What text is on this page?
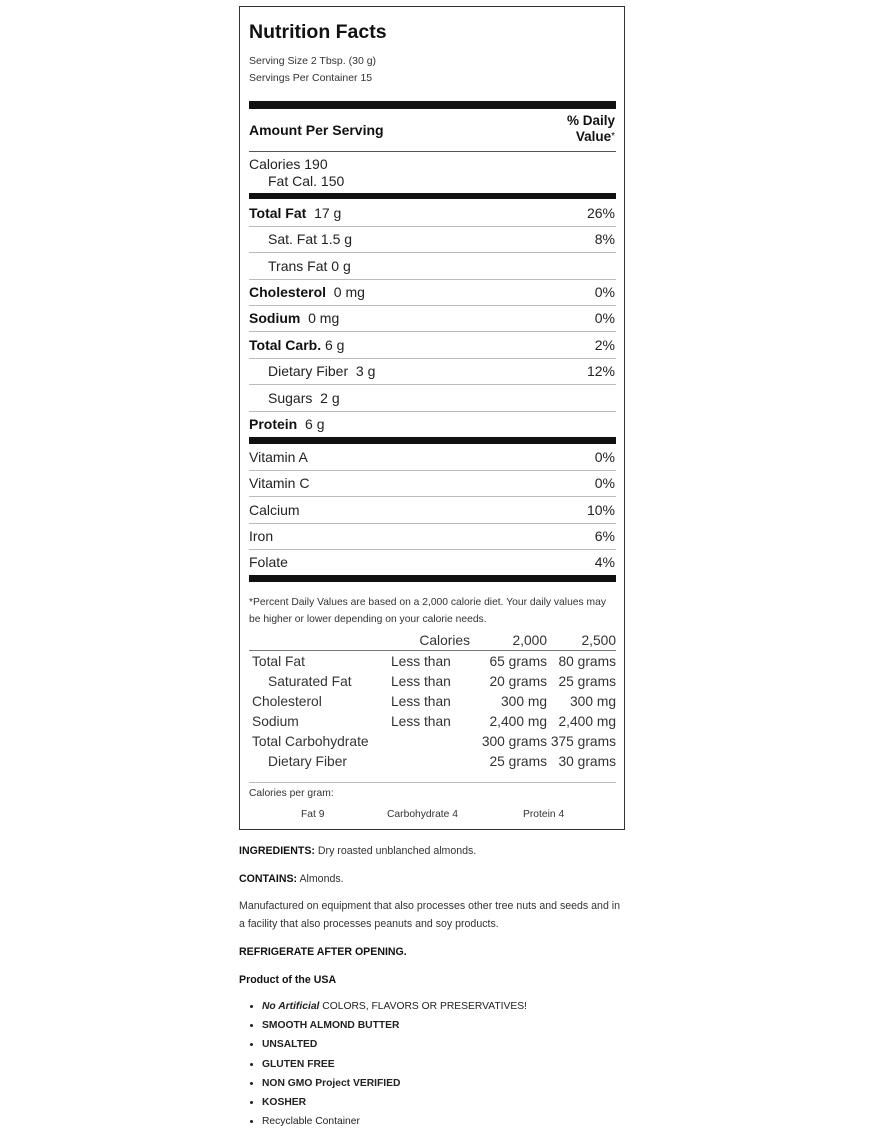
Nutrition Facts
Serving Size 2 Tbsp. (30 g)
Servings Per Container 15
Amount Per Serving
% Daily
Value*
Calories 190
Fat Cal. 150
Total Fat 17 g	26%
Sat. Fat 1.5 g	8%
Trans Fat 0 g
Cholesterol 0 mg	0%
Sodium 0 mg	0%
Total Carb. 6 g	2%
Dietary Fiber  3 g	12%
Sugars  2 g
Protein 6 g
Vitamin A	0%
Vitamin C	0%
Calcium	10%
Iron	6%
Folate	4%
*Percent Daily Values are based on a 2,000 calorie diet. Your daily values may be higher or lower depending on your calorie needs.
	Calories	2,000	2,500
Total Fat	Less than	65 grams	80 grams
Saturated Fat	Less than	20 grams	25 grams
Cholesterol	Less than	300 mg	300 mg
Sodium	Less than	2,400 mg	2,400 mg
Total Carbohydrate		300 grams	375 grams
Dietary Fiber		25 grams	30 grams
Calories per gram:
Fat 9	Carbohydrate 4	Protein 4
INGREDIENTS: Dry roasted unblanched almonds.
CONTAINS: Almonds.
Manufactured on equipment that also processes other tree nuts and seeds and in a facility that also processes peanuts and soy products.
REFRIGERATE AFTER OPENING.
Product of the USA
• No Artificial COLORS, FLAVORS OR PRESERVATIVES!
• SMOOTH ALMOND BUTTER
• UNSALTED
• GLUTEN FREE
• NON GMO Project VERIFIED
• KOSHER
• Recyclable Container
